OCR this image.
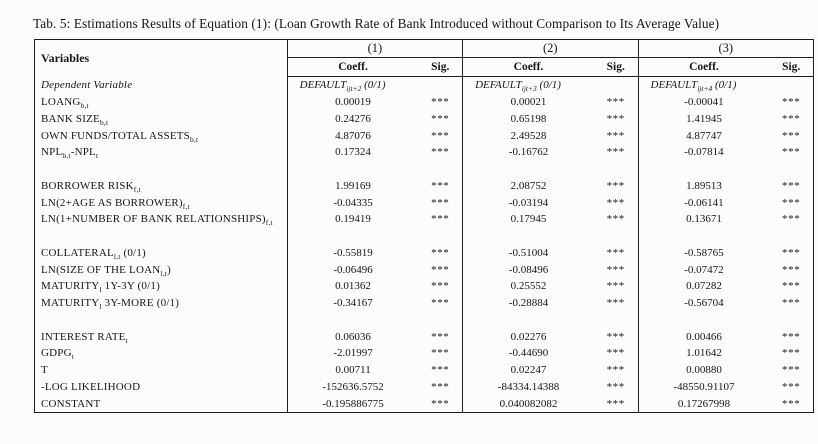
Tab. 5: Estimations Results of Equation (1): (Loan Growth Rate of Bank Introduced without Comparison to Its Average Value)
Variables	(1)		(2)		(3)	
	Coeff.	Sig.	Coeff.	Sig.	Coeff.	Sig.
Dependent Variable	$DEFAULT_{ijt+2}$ (0/1)		$DEFAULT_{ijt+3}$ (0/1)		$DEFAULT_{ijt+4}$ (0/1)	
$LOANG_{b,t}$	0.00019	***	0.00021	***	-0.00041	***
BANK $SIZE_{b,t}$	0.24276	***	0.65198	***	1.41945	***
OWN FUNDS/TOTAL $ASSETS_{b,t}$	4.87076	***	2.49528	***	4.87747	***
$NPL_{b,t}-NPL_t$	0.17324	***	-0.16762	***	-0.07814	***

BORROWER $RISK_{f,t}$	1.99169	***	2.08752	***	1.89513	***
LN(2+AGE AS $BORROWER)_{f,t}$	-0.04335	***	-0.03194	***	-0.06141	***
LN(1+NUMBER OF BANK $RELATIONSHIPS)_{f,t}$	0.19419	***	0.17945	***	0.13671	***

$COLLATERAL_{l,t}$ (0/1)	-0.55819	***	-0.51004	***	-0.58765	***
LN(SIZE OF THE $LOAN_{l,t}$)	-0.06496	***	-0.08496	***	-0.07472	***
$MATURITY_l$ 1Y-3Y (0/1)	0.01362	***	0.25552	***	0.07282	***
$MATURITY_l$ 3Y-MORE (0/1)	-0.34167	***	-0.28884	***	-0.56704	***

INTEREST $RATE_t$	0.06036	***	0.02276	***	0.00466	***
$GDPG_t$	-2.01997	***	-0.44690	***	1.01642	***
T	0.00711	***	0.02247	***	0.00880	***
-LOG LIKELIHOOD	-152636.5752	***	-84334.14388	***	-48550.91107	***
CONSTANT	-0.195886775	***	0.040082082	***	0.17267998	***
